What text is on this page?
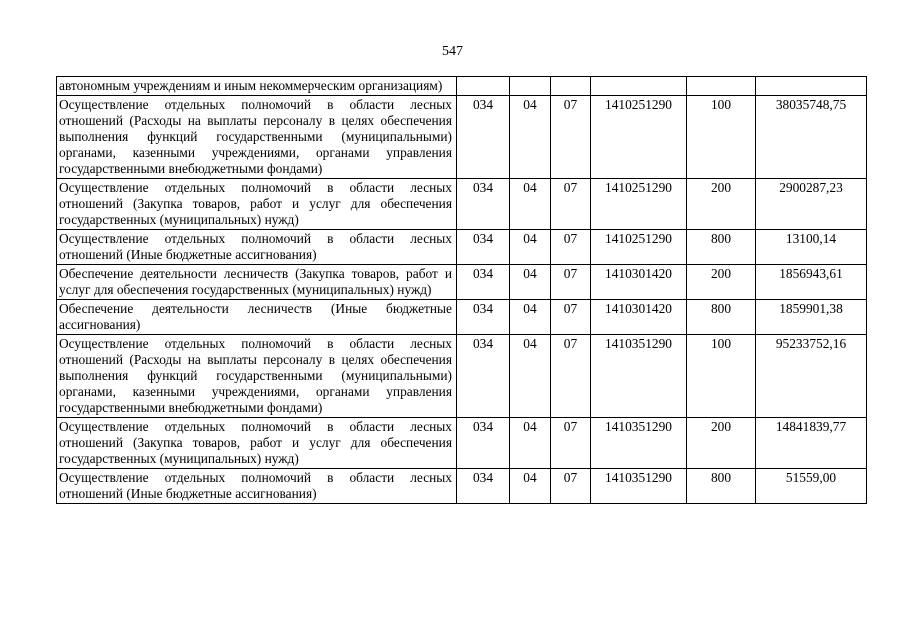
547
автономным учреждениям и иным некоммерческим организациям)						
Осуществление отдельных полномочий в области лесных отношений (Расходы на выплаты персоналу в целях обеспечения выполнения функций государственными (муниципальными) органами, казенными учреждениями, органами управления государственными внебюджетными фондами)	034	04	07	1410251290	100	38035748,75
Осуществление отдельных полномочий в области лесных отношений (Закупка товаров, работ и услуг для обеспечения государственных (муниципальных) нужд)	034	04	07	1410251290	200	2900287,23
Осуществление отдельных полномочий в области лесных отношений (Иные бюджетные ассигнования)	034	04	07	1410251290	800	13100,14
Обеспечение деятельности лесничеств (Закупка товаров, работ и услуг для обеспечения государственных (муниципальных) нужд)	034	04	07	1410301420	200	1856943,61
Обеспечение деятельности лесничеств (Иные бюджетные ассигнования)	034	04	07	1410301420	800	1859901,38
Осуществление отдельных полномочий в области лесных отношений (Расходы на выплаты персоналу в целях обеспечения выполнения функций государственными (муниципальными) органами, казенными учреждениями, органами управления государственными внебюджетными фондами)	034	04	07	1410351290	100	95233752,16
Осуществление отдельных полномочий в области лесных отношений (Закупка товаров, работ и услуг для обеспечения государственных (муниципальных) нужд)	034	04	07	1410351290	200	14841839,77
Осуществление отдельных полномочий в области лесных отношений (Иные бюджетные ассигнования)	034	04	07	1410351290	800	51559,00
